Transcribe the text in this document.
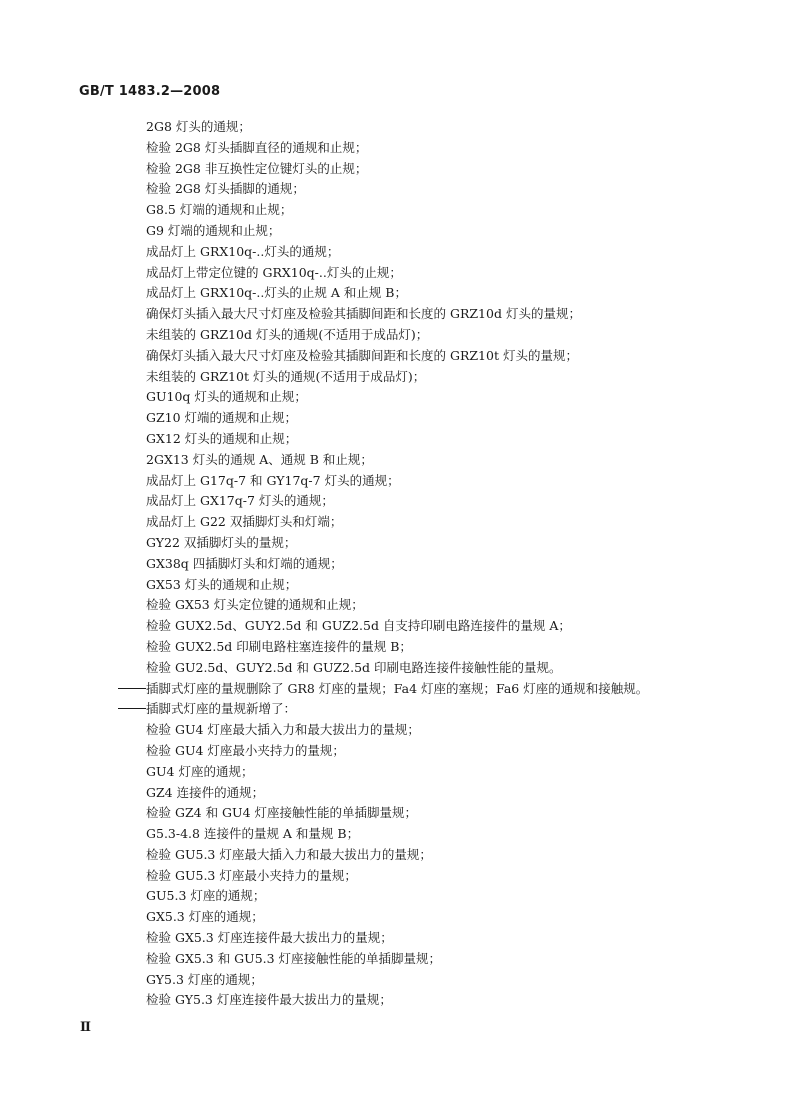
GB/T 1483.2—2008
2G8 灯头的通规；
检验 2G8 灯头插脚直径的通规和止规；
检验 2G8 非互换性定位键灯头的止规；
检验 2G8 灯头插脚的通规；
G8.5 灯端的通规和止规；
G9 灯端的通规和止规；
成品灯上 GRX10q-..灯头的通规；
成品灯上带定位键的 GRX10q-..灯头的止规；
成品灯上 GRX10q-..灯头的止规 A 和止规 B；
确保灯头插入最大尺寸灯座及检验其插脚间距和长度的 GRZ10d 灯头的量规；
未组装的 GRZ10d 灯头的通规(不适用于成品灯)；
确保灯头插入最大尺寸灯座及检验其插脚间距和长度的 GRZ10t 灯头的量规；
未组装的 GRZ10t 灯头的通规(不适用于成品灯)；
GU10q 灯头的通规和止规；
GZ10 灯端的通规和止规；
GX12 灯头的通规和止规；
2GX13 灯头的通规 A、通规 B 和止规；
成品灯上 G17q-7 和 GY17q-7 灯头的通规；
成品灯上 GX17q-7 灯头的通规；
成品灯上 G22 双插脚灯头和灯端；
GY22 双插脚灯头的量规；
GX38q 四插脚灯头和灯端的通规；
GX53 灯头的通规和止规；
检验 GX53 灯头定位键的通规和止规；
检验 GUX2.5d、GUY2.5d 和 GUZ2.5d 自支持印刷电路连接件的量规 A；
检验 GUX2.5d 印刷电路柱塞连接件的量规 B；
检验 GU2.5d、GUY2.5d 和 GUZ2.5d 印刷电路连接件接触性能的量规。
插脚式灯座的量规删除了 GR8 灯座的量规；Fa4 灯座的塞规；Fa6 灯座的通规和接触规。
插脚式灯座的量规新增了：
检验 GU4 灯座最大插入力和最大拔出力的量规；
检验 GU4 灯座最小夹持力的量规；
GU4 灯座的通规；
GZ4 连接件的通规；
检验 GZ4 和 GU4 灯座接触性能的单插脚量规；
G5.3-4.8 连接件的量规 A 和量规 B；
检验 GU5.3 灯座最大插入力和最大拔出力的量规；
检验 GU5.3 灯座最小夹持力的量规；
GU5.3 灯座的通规；
GX5.3 灯座的通规；
检验 GX5.3 灯座连接件最大拔出力的量规；
检验 GX5.3 和 GU5.3 灯座接触性能的单插脚量规；
GY5.3 灯座的通规；
检验 GY5.3 灯座连接件最大拔出力的量规；
Ⅱ
